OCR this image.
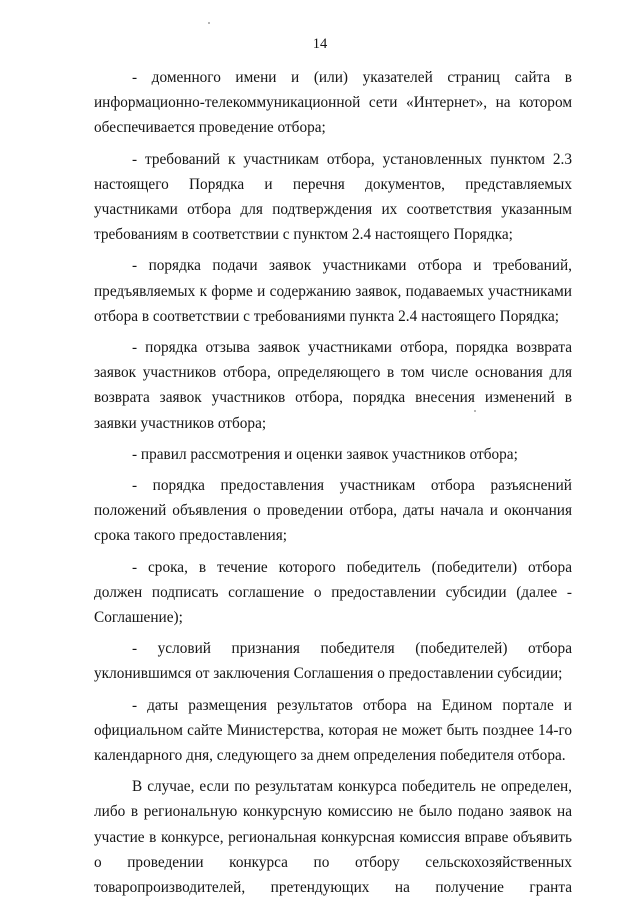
14

- доменного имени и (или) указателей страниц сайта в информационно-телекоммуникационной сети «Интернет», на котором обеспечивается проведение отбора;

- требований к участникам отбора, установленных пунктом 2.3 настоящего Порядка и перечня документов, представляемых участниками отбора для подтверждения их соответствия указанным требованиям в соответствии с пунктом 2.4 настоящего Порядка;

- порядка подачи заявок участниками отбора и требований, предъявляемых к форме и содержанию заявок, подаваемых участниками отбора в соответствии с требованиями пункта 2.4 настоящего Порядка;

- порядка отзыва заявок участниками отбора, порядка возврата заявок участников отбора, определяющего в том числе основания для возврата заявок участников отбора, порядка внесения изменений в заявки участников отбора;

- правил рассмотрения и оценки заявок участников отбора;

- порядка предоставления участникам отбора разъяснений положений объявления о проведении отбора, даты начала и окончания срока такого предоставления;

- срока, в течение которого победитель (победители) отбора должен подписать соглашение о предоставлении субсидии (далее - Соглашение);

- условий признания победителя (победителей) отбора уклонившимся от заключения Соглашения о предоставлении субсидии;

- даты размещения результатов отбора на Едином портале и официальном сайте Министерства, которая не может быть позднее 14-го календарного дня, следующего за днем определения победителя отбора.

В случае, если по результатам конкурса победитель не определен, либо в региональную конкурсную комиссию не было подано заявок на участие в конкурсе, региональная конкурсная комиссия вправе объявить о проведении конкурса по отбору сельскохозяйственных товаропроизводителей, претендующих на получение гранта
